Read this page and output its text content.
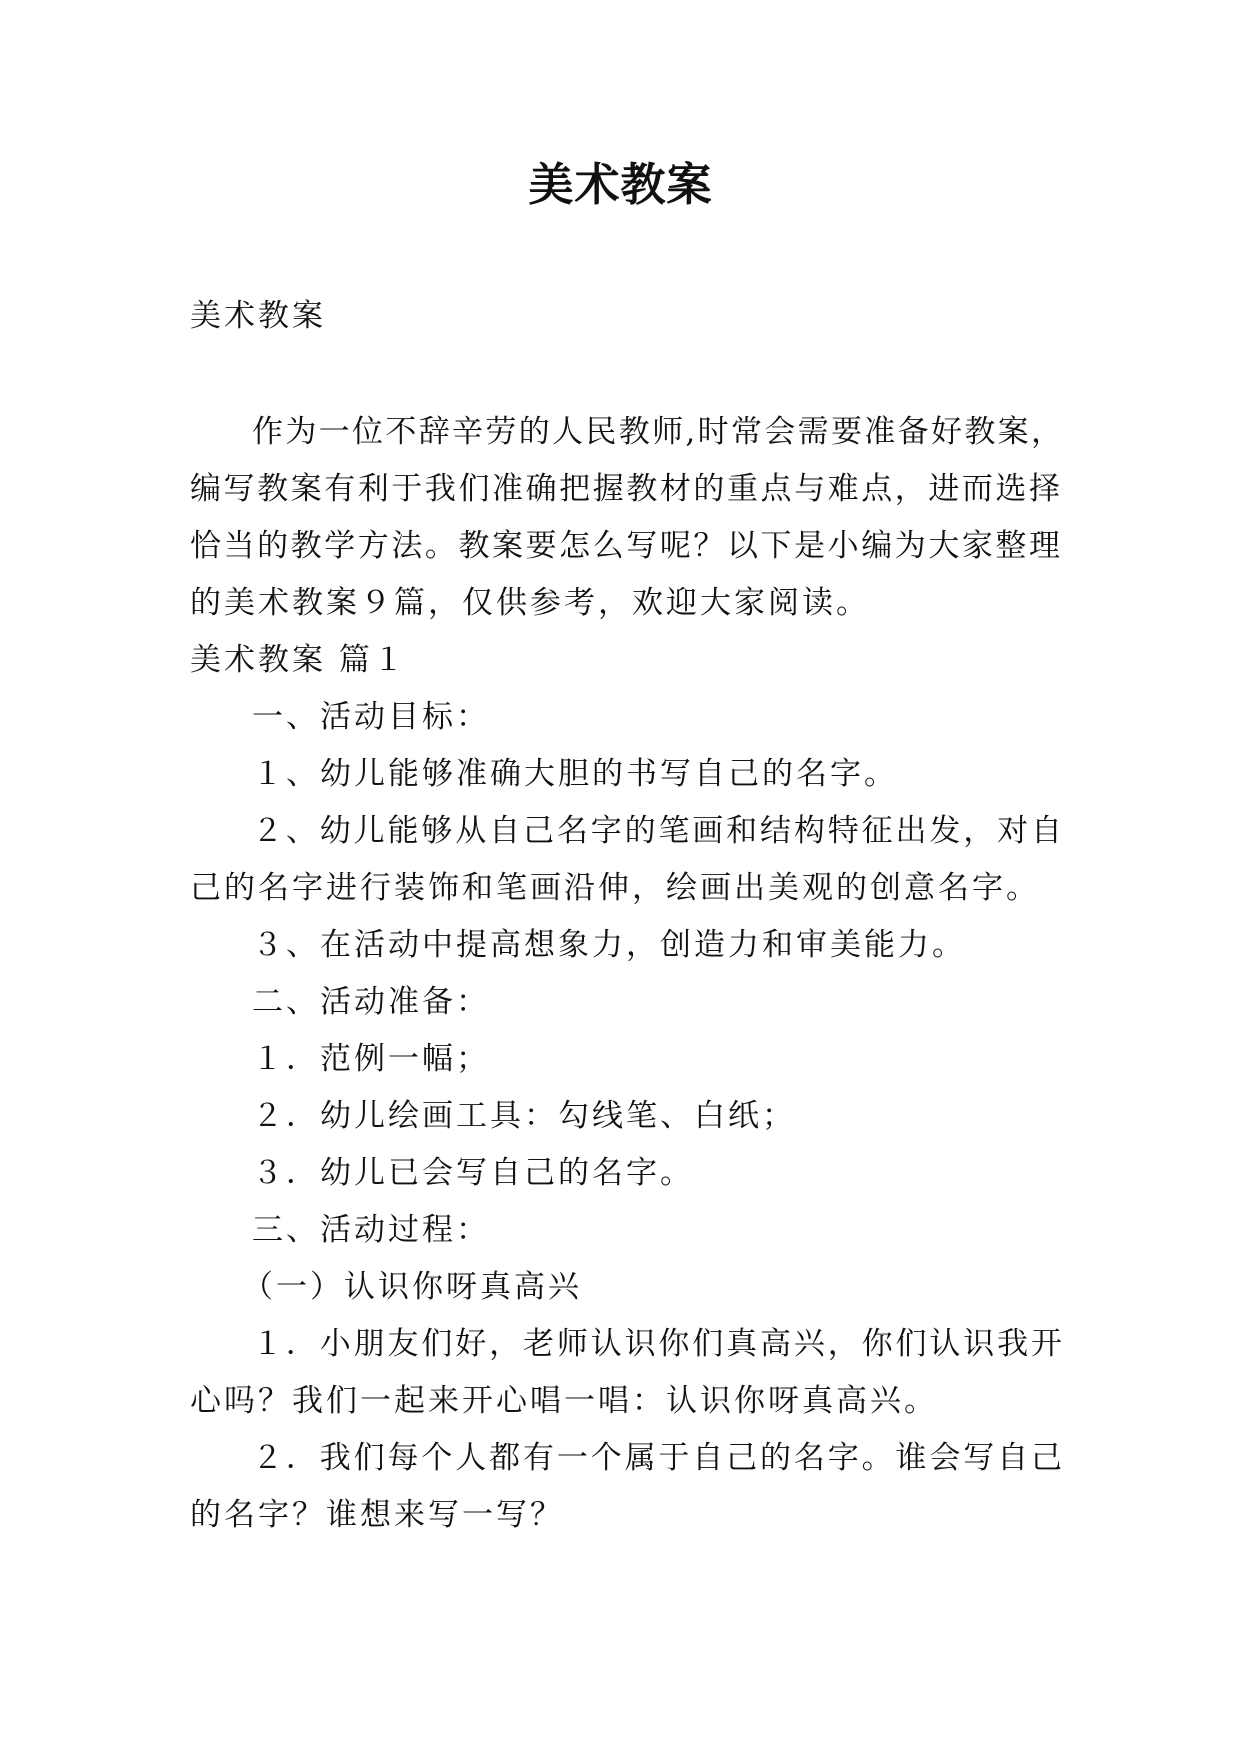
美术教案
美术教案
作为一位不辞辛劳的人民教师,时常会需要准备好教案，
编写教案有利于我们准确把握教材的重点与难点，进而选择
恰当的教学方法。教案要怎么写呢？以下是小编为大家整理
的美术教案９篇，仅供参考，欢迎大家阅读。
美术教案 篇１
一、活动目标：
１、幼儿能够准确大胆的书写自己的名字。
２、幼儿能够从自己名字的笔画和结构特征出发，对自
己的名字进行装饰和笔画沿伸，绘画出美观的创意名字。
３、在活动中提高想象力，创造力和审美能力。
二、活动准备：
１．范例一幅；
２．幼儿绘画工具：勾线笔、白纸；
３．幼儿已会写自己的名字。
三、活动过程：
（一）认识你呀真高兴
１．小朋友们好，老师认识你们真高兴，你们认识我开
心吗？我们一起来开心唱一唱：认识你呀真高兴。
２．我们每个人都有一个属于自己的名字。谁会写自己
的名字？谁想来写一写？
